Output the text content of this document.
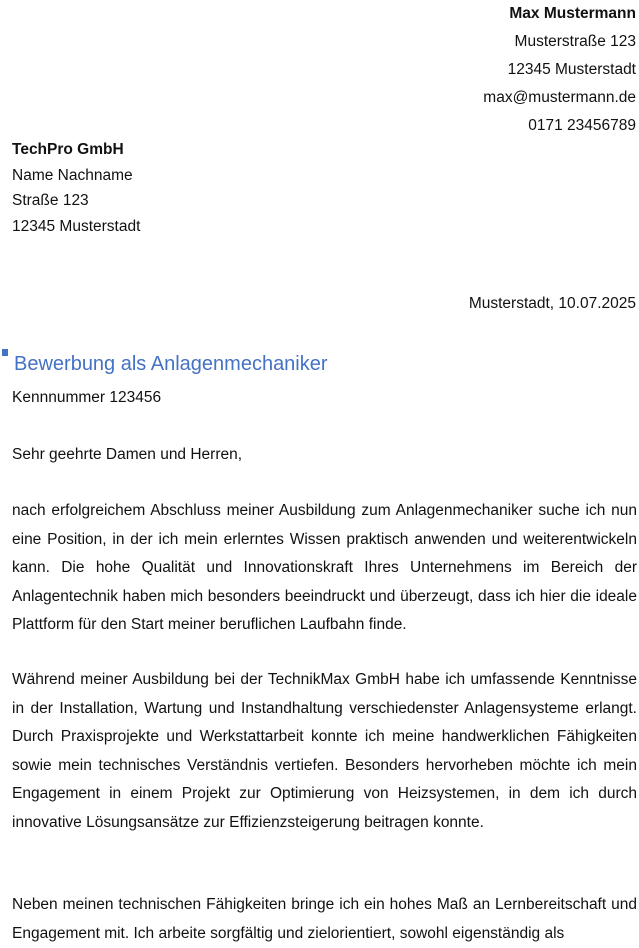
Max Mustermann
Musterstraße 123
12345 Musterstadt
max@mustermann.de
0171 23456789
TechPro GmbH
Name Nachname
Straße 123
12345 Musterstadt
Musterstadt, 10.07.2025
Bewerbung als Anlagenmechaniker
Kennnummer 123456
Sehr geehrte Damen und Herren,

nach erfolgreichem Abschluss meiner Ausbildung zum Anlagenmechaniker suche ich nun eine Position, in der ich mein erlerntes Wissen praktisch anwenden und weiterentwickeln kann. Die hohe Qualität und Innovationskraft Ihres Unternehmens im Bereich der Anlagentechnik haben mich besonders beeindruckt und überzeugt, dass ich hier die ideale Plattform für den Start meiner beruflichen Laufbahn finde.

Während meiner Ausbildung bei der TechnikMax GmbH habe ich umfassende Kenntnisse in der Installation, Wartung und Instandhaltung verschiedenster Anlagensysteme erlangt. Durch Praxisprojekte und Werkstattarbeit konnte ich meine handwerklichen Fähigkeiten sowie mein technisches Verständnis vertiefen. Besonders hervorheben möchte ich mein Engagement in einem Projekt zur Optimierung von Heizsystemen, in dem ich durch innovative Lösungsansätze zur Effizienzsteigerung beitragen konnte.

Neben meinen technischen Fähigkeiten bringe ich ein hohes Maß an Lernbereitschaft und Engagement mit. Ich arbeite sorgfältig und zielorientiert, sowohl eigenständig als
